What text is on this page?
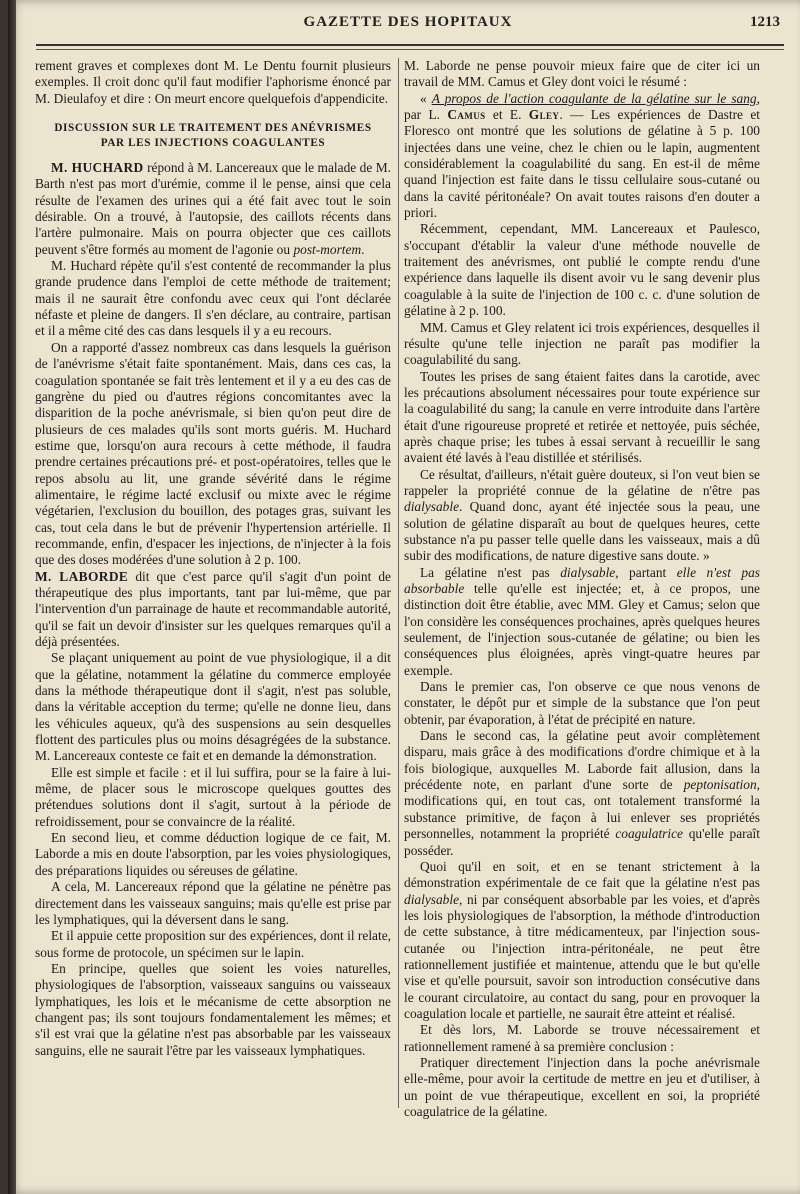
GAZETTE DES HOPITAUX	1213

rement graves et complexes dont M. Le Dentu fournit plusieurs exemples. Il croit donc qu'il faut modifier l'aphorisme énoncé par M. Dieulafoy et dire : On meurt encore quelquefois d'appendicite.

DISCUSSION SUR LE TRAITEMENT DES ANÉVRISMES
PAR LES INJECTIONS COAGULANTES

M. HUCHARD répond à M. Lancereaux que le malade de M. Barth n'est pas mort d'urémie, comme il le pense, ainsi que cela résulte de l'examen des urines qui a été fait avec tout le soin désirable. On a trouvé, à l'autopsie, des caillots récents dans l'artère pulmonaire. Mais on pourra objecter que ces caillots peuvent s'être formés au moment de l'agonie ou post-mortem.

M. Huchard répète qu'il s'est contenté de recommander la plus grande prudence dans l'emploi de cette méthode de traitement; mais il ne saurait être confondu avec ceux qui l'ont déclarée néfaste et pleine de dangers. Il s'en déclare, au contraire, partisan et il a même cité des cas dans lesquels il y a eu recours.

On a rapporté d'assez nombreux cas dans lesquels la guérison de l'anévrisme s'était faite spontanément. Mais, dans ces cas, la coagulation spontanée se fait très lentement et il y a eu des cas de gangrène du pied ou d'autres régions concomitantes avec la disparition de la poche anévrismale, si bien qu'on peut dire de plusieurs de ces malades qu'ils sont morts guéris. M. Huchard estime que, lorsqu'on aura recours à cette méthode, il faudra prendre certaines précautions pré- et post-opératoires, telles que le repos absolu au lit, une grande sévérité dans le régime alimentaire, le régime lacté exclusif ou mixte avec le régime végétarien, l'exclusion du bouillon, des potages gras, suivant les cas, tout cela dans le but de prévenir l'hypertension artérielle. Il recommande, enfin, d'espacer les injections, de n'injecter à la fois que des doses modérées d'une solution à 2 p. 100.

M. LABORDE dit que c'est parce qu'il s'agit d'un point de thérapeutique des plus importants, tant par lui-même, que par l'intervention d'un parrainage de haute et recommandable autorité, qu'il se fait un devoir d'insister sur les quelques remarques qu'il a déjà présentées.

Se plaçant uniquement au point de vue physiologique, il a dit que la gélatine, notamment la gélatine du commerce employée dans la méthode thérapeutique dont il s'agit, n'est pas soluble, dans la véritable acception du terme; qu'elle ne donne lieu, dans les véhicules aqueux, qu'à des suspensions au sein desquelles flottent des particules plus ou moins désagrégées de la substance. M. Lancereaux conteste ce fait et en demande la démonstration.

Elle est simple et facile : et il lui suffira, pour se la faire à lui-même, de placer sous le microscope quelques gouttes des prétendues solutions dont il s'agit, surtout à la période de refroidissement, pour se convaincre de la réalité.

En second lieu, et comme déduction logique de ce fait, M. Laborde a mis en doute l'absorption, par les voies physiologiques, des préparations liquides ou séreuses de gélatine.

A cela, M. Lancereaux répond que la gélatine ne pénètre pas directement dans les vaisseaux sanguins; mais qu'elle est prise par les lymphatiques, qui la déversent dans le sang.

Et il appuie cette proposition sur des expériences, dont il relate, sous forme de protocole, un spécimen sur le lapin.

En principe, quelles que soient les voies naturelles, physiologiques de l'absorption, vaisseaux sanguins ou vaisseaux lymphatiques, les lois et le mécanisme de cette absorption ne changent pas; ils sont toujours fondamentalement les mêmes; et s'il est vrai que la gélatine n'est pas absorbable par les vaisseaux sanguins, elle ne saurait l'être par les vaisseaux lymphatiques.

M. Laborde ne pense pouvoir mieux faire que de citer ici un travail de MM. Camus et Gley dont voici le résumé :

« A propos de l'action coagulante de la gélatine sur le sang, par L. Camus et E. Gley. — Les expériences de Dastre et Floresco ont montré que les solutions de gélatine à 5 p. 100 injectées dans une veine, chez le chien ou le lapin, augmentent considérablement la coagulabilité du sang. En est-il de même quand l'injection est faite dans le tissu cellulaire sous-cutané ou dans la cavité péritonéale? On avait toutes raisons d'en douter a priori.

Récemment, cependant, MM. Lancereaux et Paulesco, s'occupant d'établir la valeur d'une méthode nouvelle de traitement des anévrismes, ont publié le compte rendu d'une expérience dans laquelle ils disent avoir vu le sang devenir plus coagulable à la suite de l'injection de 100 c. c. d'une solution de gélatine à 2 p. 100.

MM. Camus et Gley relatent ici trois expériences, desquelles il résulte qu'une telle injection ne paraît pas modifier la coagulabilité du sang.

Toutes les prises de sang étaient faites dans la carotide, avec les précautions absolument nécessaires pour toute expérience sur la coagulabilité du sang; la canule en verre introduite dans l'artère était d'une rigoureuse propreté et retirée et nettoyée, puis séchée, après chaque prise; les tubes à essai servant à recueillir le sang avaient été lavés à l'eau distillée et stérilisés.

Ce résultat, d'ailleurs, n'était guère douteux, si l'on veut bien se rappeler la propriété connue de la gélatine de n'être pas dialysable. Quand donc, ayant été injectée sous la peau, une solution de gélatine disparaît au bout de quelques heures, cette substance n'a pu passer telle quelle dans les vaisseaux, mais a dû subir des modifications, de nature digestive sans doute. »

La gélatine n'est pas dialysable, partant elle n'est pas absorbable telle qu'elle est injectée; et, à ce propos, une distinction doit être établie, avec MM. Gley et Camus; selon que l'on considère les conséquences prochaines, après quelques heures seulement, de l'injection sous-cutanée de gélatine; ou bien les conséquences plus éloignées, après vingt-quatre heures par exemple.

Dans le premier cas, l'on observe ce que nous venons de constater, le dépôt pur et simple de la substance que l'on peut obtenir, par évaporation, à l'état de précipité en nature.

Dans le second cas, la gélatine peut avoir complètement disparu, mais grâce à des modifications d'ordre chimique et à la fois biologique, auxquelles M. Laborde fait allusion, dans la précédente note, en parlant d'une sorte de peptonisation, modifications qui, en tout cas, ont totalement transformé la substance primitive, de façon à lui enlever ses propriétés personnelles, notamment la propriété coagulatrice qu'elle paraît posséder.

Quoi qu'il en soit, et en se tenant strictement à la démonstration expérimentale de ce fait que la gélatine n'est pas dialysable, ni par conséquent absorbable par les voies, et d'après les lois physiologiques de l'absorption, la méthode d'introduction de cette substance, à titre médicamenteux, par l'injection sous-cutanée ou l'injection intra-péritonéale, ne peut être rationnellement justifiée et maintenue, attendu que le but qu'elle vise et qu'elle poursuit, savoir son introduction consécutive dans le courant circulatoire, au contact du sang, pour en provoquer la coagulation locale et partielle, ne saurait être atteint et réalisé.

Et dès lors, M. Laborde se trouve nécessairement et rationnellement ramené à sa première conclusion :

Pratiquer directement l'injection dans la poche anévrismale elle-même, pour avoir la certitude de mettre en jeu et d'utiliser, à un point de vue thérapeutique, excellent en soi, la propriété coagulatrice de la gélatine.
